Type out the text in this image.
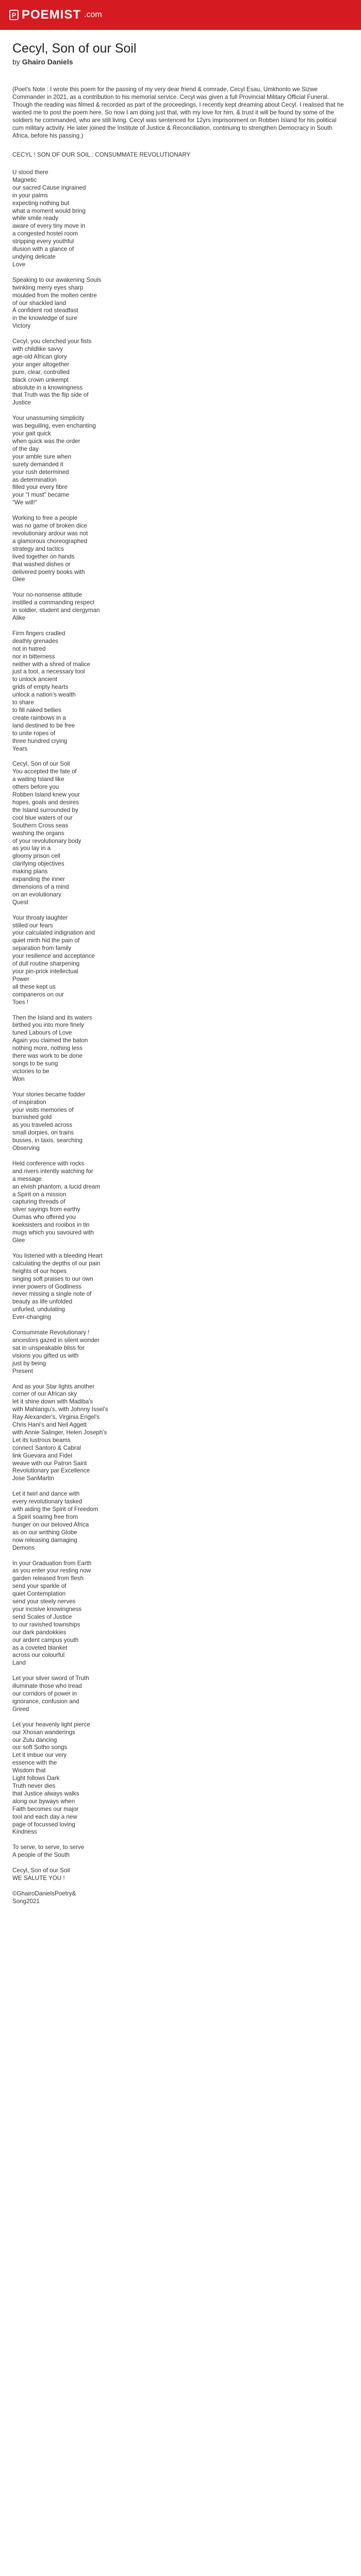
P POEMIST .com
Cecyl, Son of our Soil
by Ghairo Daniels
(Poet's Note : I wrote this poem for the passing of my very dear friend & comrade, Cecyl Esau, Umkhonto we Sizwe Commander in 2021, as a contribution to his memorial service. Cecyl was given a full Provincial Military Official Funeral. Though the reading was filmed & recorded as part of the proceedings, I recently kept dreaming about Cecyl. I realised that he wanted me to post the poem here. So now I am doing just that, with my love for him, & trust it will be found by some of the soldiers he commanded, who are still living. Cecyl was sentenced for 12yrs imprisonment on Robben Island for his political cum military activity. He later joined the Institute of Justice & Reconciliation, continuing to strengthen Democracy in South Africa, before his passing.)
CECYL ! SON OF OUR SOIL : CONSUMMATE REVOLUTIONARY
U stood there
Magnetic
our sacred Cause ingrained
in your palms
expecting nothing but
what a moment would bring
while smile ready
aware of every tiny move in
a congested hostel room
stripping every youthful
illusion with a glance of
undying delicate
Love
Speaking to our awakening Souls
twinkling merry eyes sharp
moulded from the molten centre
of our shackled land
A confident rod steadfast
in the knowledge of sure
Victory
Cecyl, you clenched your fists
with childlike savvy
age-old African glory
your anger altogether
pure, clear, controlled
black crown unkempt
absolute in a knowingness
that Truth was the flip side of
Justice
Your unassuming simplicity
was beguiling, even enchanting
your gait quick
when quick was the order
of the day
your amble sure when
surety demanded it
your rush determined
as determination
filled your every fibre
your "I must" became
"We will!"
Working to free a people
was no game of broken dice
revolutionary ardour was not
a glamorous choreographed
strategy and tactics
lived together on hands
that washed dishes or
delivered poetry books with
Glee
Your no-nonsense attitude
instilled a commanding respect
in soldier, student and clergyman
Alike
Firm fingers cradled
deathly grenades
not in hatred
nor in bitterness
neither with a shred of malice
just a tool, a necessary tool
to unlock ancient
grids of empty hearts
unlock a nation's wealth
to share
to fill naked bellies
create rainbows in a
land destined to be free
to unite ropes of
three hundred crying
Years
Cecyl, Son of our Soil
You accepted the fate of
a waiting Island like
others before you
Robben Island knew your
hopes, goals and desires
the Island surrounded by
cool blue waters of our
Southern Cross seas
washing the organs
of your revolutionary body
as you lay in a
gloomy prison cell
clarifying objectives
making plans
expanding the inner
dimensions of a mind
on an evolutionary
Quest
Your throaty laughter
stilled our fears
your calculated indignation and
quiet mirth hid the pain of
separation from family
your resilience and acceptance
of dull routine sharpening
your pin-prick intellectual
Power
all these kept us
companeros on our
Toes !
Then the Island and its waters
birthed you into more finely
tuned Labours of Love
Again you claimed the baton
nothing more, nothing less
there was work to be done
songs to be sung
victories to be
Won
Your stories became fodder
of inspiration
your visits memories of
burnished gold
as you traveled across
small dorpies, on trains
busses, in taxis, searching
Observing
Held conference with rocks
and rivers intently watching for
a message
an elvish phantom, a lucid dream
a Spirit on a mission
capturing threads of
silver sayings from earthy
Oumas who offered you
koeksisters and rooibos in tin
mugs which you savoured with
Glee
You listened with a bleeding Heart
calculating the depths of our pain
heights of our hopes
singing soft praises to our own
inner powers of Godliness
never missing a single note of
beauty as life unfolded
unfurled, undulating
Ever-changing
Consummate Revolutionary !
ancestors gazed in silent wonder
sat in unspeakable bliss for
visions you gifted us with
just by being
Present
And as your Star lights another
corner of our African sky
let it shine down with Madiba's
with Mahlangu's, with Johnny Issel's
Ray Alexander's, Virginia Engel's
Chris Hani's and Neil Aggett
with Annie Salinger, Helen Joseph's
Let its lustrous beams
connect Santoro & Cabral
link Guevara and Fidel
weave with our Patron Saint
Revolutionary par Excellence
Jose SanMartin
Let it twirl and dance with
every revolutionary tasked
with aiding the Spirit of Freedom
a Spirit soaring free from
hunger on our beloved Africa
as on our writhing Globe
now releasing damaging
Demons
In your Graduation from Earth
as you enter your resting now
garden released from flesh
send your sparkle of
quiet Contemplation
send your steely nerves
your incisive knowingness
send Scales of Justice
to our ravished townships
our dark pandokkies
our ardent campus youth
as a coveted blanket
across our colourful
Land
Let your silver sword of Truth
illuminate those who tread
our corridors of power in
ignorance, confusion and
Greed
Let your heavenly light pierce
our Xhosan wanderings
our Zulu dancing
our soft Sotho songs
Let it imbue our very
essence with the
Wisdom that
Light follows Dark
Truth never dies
that Justice always walks
along our byways when
Faith becomes our major
tool and each day a new
page of focussed loving
Kindness
To serve, to serve, to serve
A people of the South
Cecyl, Son of our Soil
WE SALUTE YOU !
©GhairoDanielsPoetry&
Song2021
